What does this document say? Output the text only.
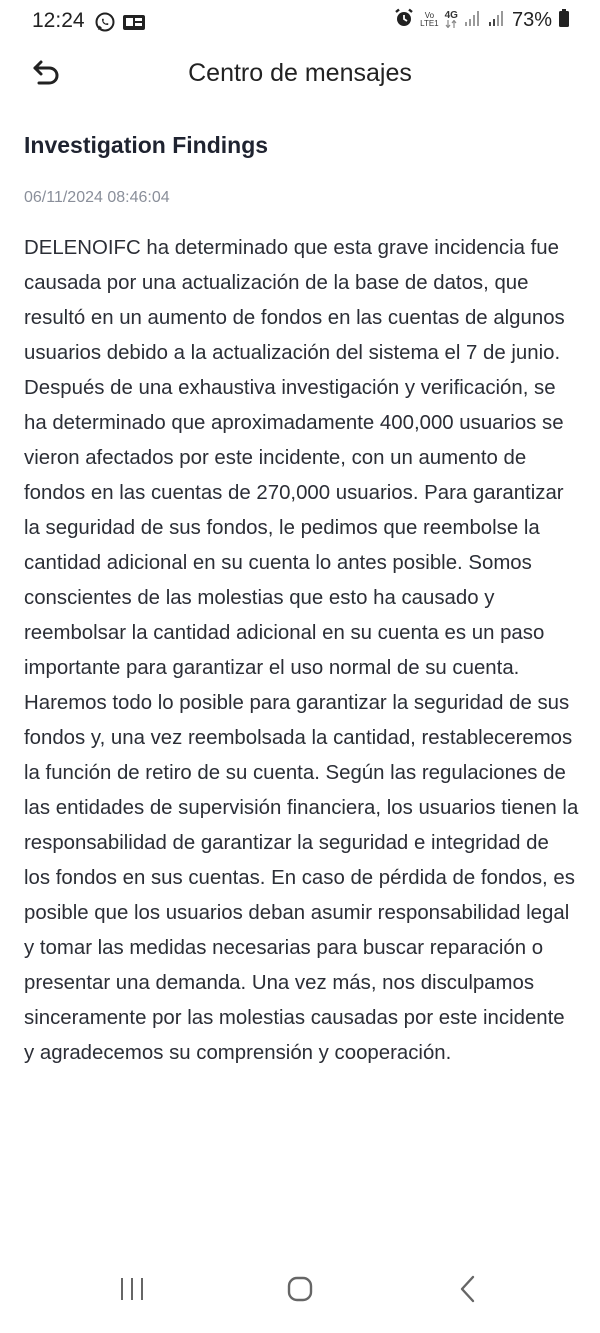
12:24	Vo
LTE1
4G	73%
Centro de mensajes
Investigation Findings
06/11/2024 08:46:04
DELENOIFC ha determinado que esta grave incidencia fue causada por una actualización de la base de datos, que resultó en un aumento de fondos en las cuentas de algunos usuarios debido a la actualización del sistema el 7 de junio. Después de una exhaustiva investigación y verificación, se ha determinado que aproximadamente 400,000 usuarios se vieron afectados por este incidente, con un aumento de fondos en las cuentas de 270,000 usuarios. Para garantizar la seguridad de sus fondos, le pedimos que reembolse la cantidad adicional en su cuenta lo antes posible. Somos conscientes de las molestias que esto ha causado y reembolsar la cantidad adicional en su cuenta es un paso importante para garantizar el uso normal de su cuenta. Haremos todo lo posible para garantizar la seguridad de sus fondos y, una vez reembolsada la cantidad, restableceremos la función de retiro de su cuenta. Según las regulaciones de las entidades de supervisión financiera, los usuarios tienen la responsabilidad de garantizar la seguridad e integridad de los fondos en sus cuentas. En caso de pérdida de fondos, es posible que los usuarios deban asumir responsabilidad legal y tomar las medidas necesarias para buscar reparación o presentar una demanda. Una vez más, nos disculpamos sinceramente por las molestias causadas por este incidente y agradecemos su comprensión y cooperación.
